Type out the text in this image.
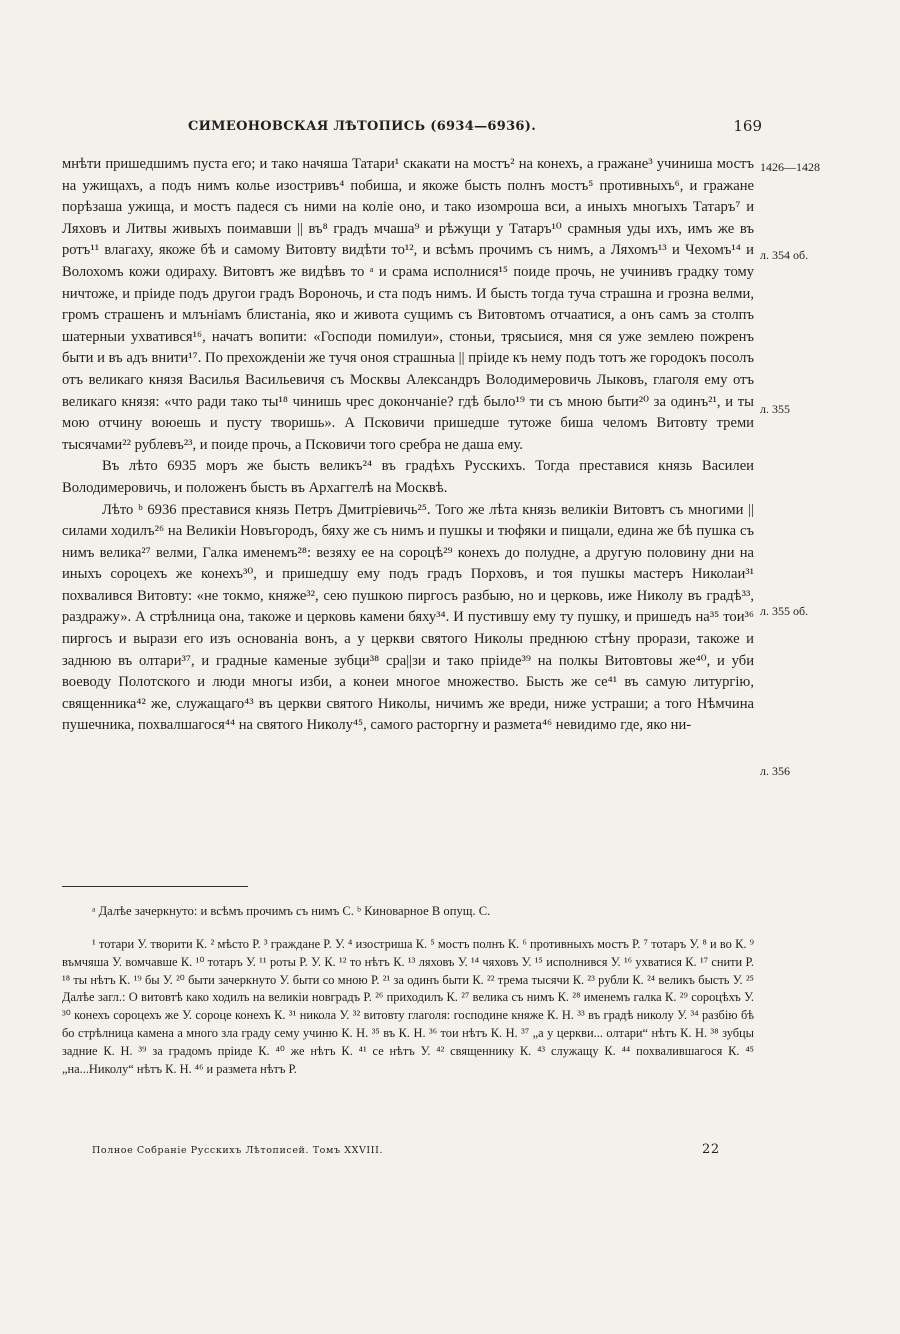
СИМЕОНОВСКАЯ ЛѢТОПИСЬ (6934—6936).	169

мнѣти пришедшимъ пуста его; и тако начяша Татари¹ скакати на мостъ² на конехъ, а гражане³ учиниша мостъ на ужищахъ, а подъ нимъ колье изостривъ⁴ побиша, и якоже бысть полнъ мостъ⁵ противныхъ⁶, и гражане порѣзаша ужища, и мостъ падеся съ ними на колiе оно, и тако изомроша вси, а иныхъ многыхъ Татаръ⁷ и Ляховъ и Литвы живыхъ поимавши || въ⁸ градъ мчаша⁹ и рѣжущи у Татаръ¹⁰ срамныя уды ихъ, имъ же въ ротъ¹¹ влагаху, якоже бѣ и самому Витовту видѣти то¹², и всѣмъ прочимъ съ нимъ, а Ляхомъ¹³ и Чехомъ¹⁴ и Волохомъ кожи одираху. Витовтъ же видѣвъ то ᵃ и срама исполнися¹⁵ поиде прочь, не учинивъ градку тому ничтоже, и прiиде подъ другои градъ Вороночь, и ста подъ нимъ. И бысть тогда туча страшна и грозна велми, громъ страшенъ и млънiамъ блистанiа, яко и живота сущимъ съ Витовтомъ отчаатися, а онъ самъ за столпъ шатерныи ухватився¹⁶, начатъ вопити: «Господи помилуи», стоньи, трясыися, мня ся уже землею пожренъ быти и въ адъ внити¹⁷. По прехожденiи же тучя оноя страшныа || прiиде къ нему подъ тотъ же городокъ посолъ отъ великаго князя Василья Васильевичя съ Москвы Александръ Володимеровичь Лыковъ, глаголя ему отъ великаго князя: «что ради тако ты¹⁸ чинишь чрес докончанiе? гдѣ было¹⁹ ти съ мною быти²⁰ за одинъ²¹, и ты мою отчину воюешь и пусту творишь». А Псковичи пришедше тутоже биша челомъ Витовту треми тысячами²² рублевъ²³, и поиде прочь, а Псковичи того сребра не даша ему.

Въ лѣто 6935 моръ же бысть великъ²⁴ въ градѣхъ Русскихъ. Тогда преставися князь Василеи Володимеровичь, и положенъ бысть въ Архаггелѣ на Москвѣ.

Лѣто ᵇ 6936 преставися князь Петръ Дмитрiевичь²⁵. Того же лѣта князь великiи Витовтъ съ многими || силами ходилъ²⁶ на Великiи Новъгородъ, бяху же съ нимъ и пушкы и тюфяки и пищали, едина же бѣ пушка съ нимъ велика²⁷ велми, Галка именемъ²⁸: везяху ее на сороцѣ²⁹ конехъ до полудне, а другую половину дни на иныхъ сороцехъ же конехъ³⁰, и пришедшу ему подъ градъ Порховъ, и тоя пушкы мастеръ Николаи³¹ похвалився Витовту: «не токмо, княже³², сею пушкою пиргосъ разбыю, но и церковь, иже Николу въ градѣ³³, раздражу». А стрѣлница она, такоже и церковь камени бяху³⁴. И пустившу ему ту пушку, и пришедъ на³⁵ тои³⁶ пиргосъ и вырази его изъ основанiа вонъ, а у церкви святого Николы преднюю стѣну прорази, такоже и заднюю въ олтари³⁷, и градные каменые зубци³⁸ сра||зи и тако прiиде³⁹ на полкы Витовтовы же⁴⁰, и уби воеводу Полотского и люди многы изби, а конеи многое множество. Бысть же се⁴¹ въ самую литургiю, священника⁴² же, служащаго⁴³ въ церкви святого Николы, ничимъ же вреди, ниже устраши; а того Нѣмчина пушечника, похвалшагося⁴⁴ на святого Николу⁴⁵, самого расторгну и размета⁴⁶ невидимо где, яко ни-

1426—1428
л. 354 об.
л. 355
л. 355 об.
л. 356
ᵃ Далѣе зачеркнуто: и всѣмъ прочимъ съ нимъ С. ᵇ Киноварное В опущ. С.
¹ тотари У. творити К. ² мѣсто Р. ³ граждане Р. У. ⁴ изостриша К. ⁵ мостъ полнъ К. ⁶ противныхъ мостъ Р. ⁷ тотаръ У. ⁸ и во К. ⁹ въмчяша У. вомчавше К. ¹⁰ тотаръ У. ¹¹ роты Р. У. К. ¹² то нѣтъ К. ¹³ ляховъ У. ¹⁴ чяховъ У. ¹⁵ исполнився У. ¹⁶ ухватися К. ¹⁷ снити Р. ¹⁸ ты нѣтъ К. ¹⁹ бы У. ²⁰ быти зачеркнуто У. быти со мною Р. ²¹ за одинъ быти К. ²² трема тысячи К. ²³ рубли К. ²⁴ великъ бысть У. ²⁵ Далѣе загл.: О витовтѣ како ходилъ на великiи новградъ Р. ²⁶ приходилъ К. ²⁷ велика съ нимъ К. ²⁸ именемъ галка К. ²⁹ сороцѣхъ У. ³⁰ конехъ сороцехъ же У. сороце конехъ К. ³¹ никола У. ³² витовту глаголя: господине княже К. Н. ³³ въ градѣ николу У. ³⁴ разбiю бѣ бо стрѣлница камена а много зла граду сему учиню К. Н. ³⁵ въ К. Н. ³⁶ тои нѣтъ К. Н. ³⁷ „а у церкви... олтари“ нѣтъ К. Н. ³⁸ зубцы задние К. Н. ³⁹ за градомъ прiиде К. ⁴⁰ же нѣтъ К. ⁴¹ се нѣтъ У. ⁴² священнику К. ⁴³ служащу К. ⁴⁴ похвалившагося К. ⁴⁵ „на...Николу“ нѣтъ К. Н. ⁴⁶ и размета нѣтъ Р.
Полное Собранiе Русскихъ Лѣтописей. Томъ XXVIII.	22
